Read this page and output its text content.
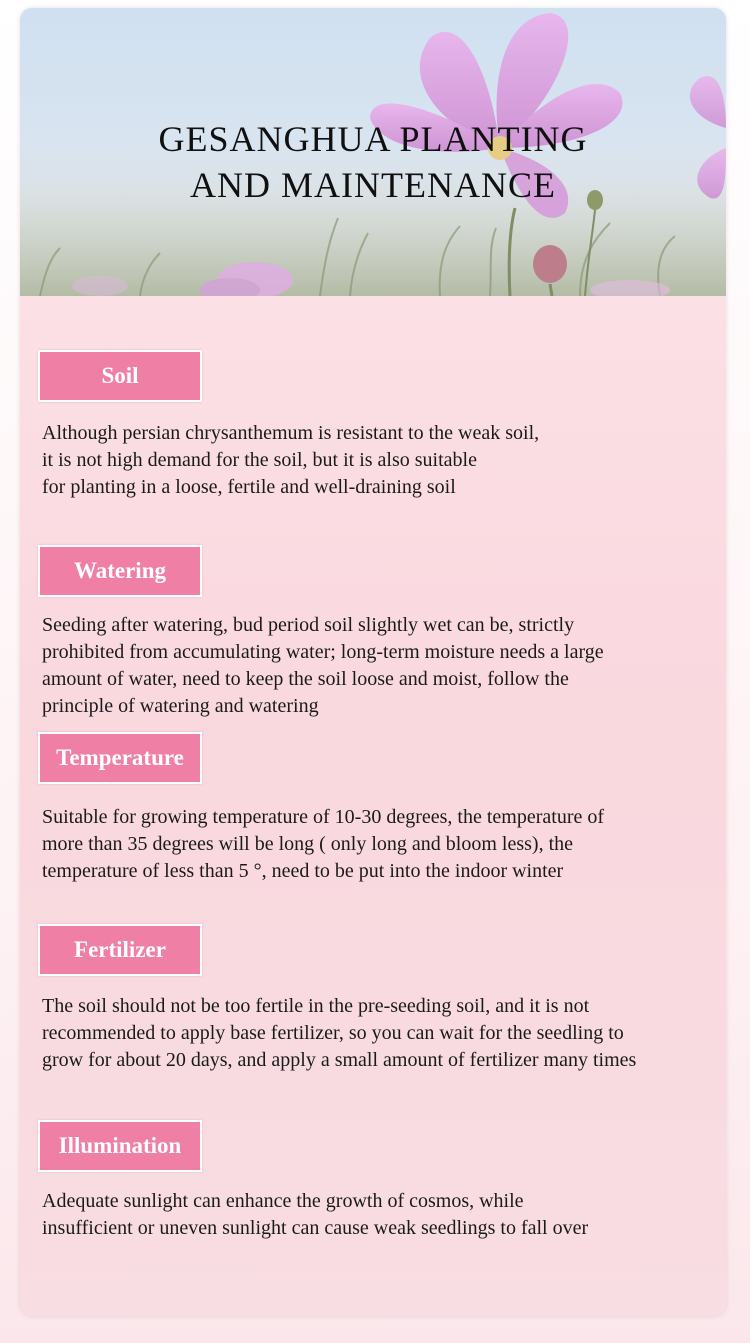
GESANGHUA PLANTING
AND MAINTENANCE
Soil

Although persian chrysanthemum is resistant to the weak soil,
it is not high demand for the soil, but it is also suitable
for planting in a loose, fertile and well-draining soil

Watering

Seeding after watering, bud period soil slightly wet can be, strictly
prohibited from accumulating water; long-term moisture needs a large
amount of water, need to keep the soil loose and moist, follow the
principle of watering and watering

Temperature

Suitable for growing temperature of 10-30 degrees, the temperature of
more than 35 degrees will be long ( only long and bloom less), the
temperature of less than 5 °, need to be put into the indoor winter

Fertilizer

The soil should not be too fertile in the pre-seeding soil, and it is not
recommended to apply base fertilizer, so you can wait for the seedling to
grow for about 20 days, and apply a small amount of fertilizer many times

Illumination

Adequate sunlight can enhance the growth of cosmos, while
insufficient or uneven sunlight can cause weak seedlings to fall over
